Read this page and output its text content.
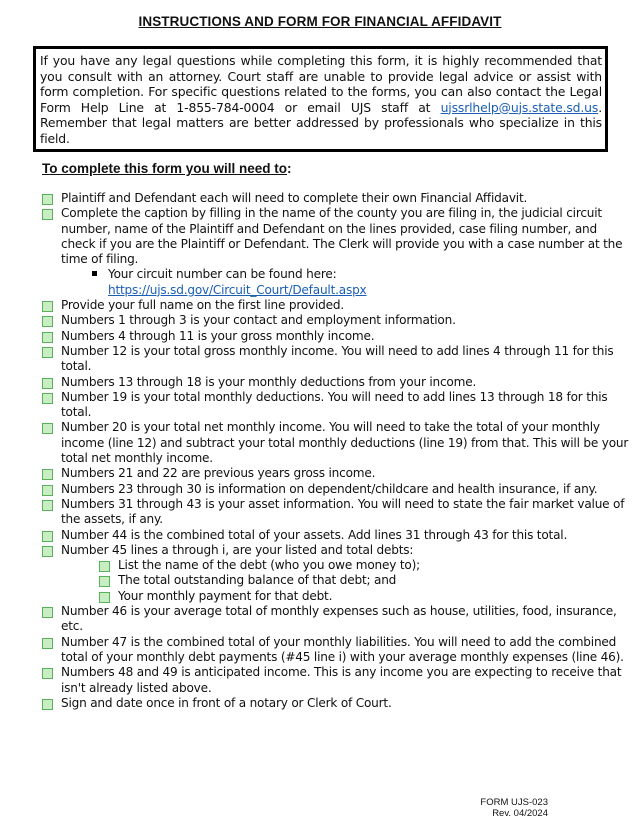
INSTRUCTIONS AND FORM FOR FINANCIAL AFFIDAVIT
If you have any legal questions while completing this form, it is highly recommended that you consult with an attorney. Court staff are unable to provide legal advice or assist with form completion. For specific questions related to the forms, you can also contact the Legal Form Help Line at 1-855-784-0004 or email UJS staff at ujssrlhelp@ujs.state.sd.us. Remember that legal matters are better addressed by professionals who specialize in this field.
To complete this form you will need to:
Plaintiff and Defendant each will need to complete their own Financial Affidavit.
Complete the caption by filling in the name of the county you are filing in, the judicial circuit number, name of the Plaintiff and Defendant on the lines provided, case filing number, and check if you are the Plaintiff or Defendant. The Clerk will provide you with a case number at the time of filing.
Your circuit number can be found here:
https://ujs.sd.gov/Circuit_Court/Default.aspx
Provide your full name on the first line provided.
Numbers 1 through 3 is your contact and employment information.
Numbers 4 through 11 is your gross monthly income.
Number 12 is your total gross monthly income. You will need to add lines 4 through 11 for this total.
Numbers 13 through 18 is your monthly deductions from your income.
Number 19 is your total monthly deductions. You will need to add lines 13 through 18 for this total.
Number 20 is your total net monthly income. You will need to take the total of your monthly income (line 12) and subtract your total monthly deductions (line 19) from that. This will be your total net monthly income.
Numbers 21 and 22 are previous years gross income.
Numbers 23 through 30 is information on dependent/childcare and health insurance, if any.
Numbers 31 through 43 is your asset information. You will need to state the fair market value of the assets, if any.
Number 44 is the combined total of your assets. Add lines 31 through 43 for this total.
Number 45 lines a through i, are your listed and total debts:
List the name of the debt (who you owe money to);
The total outstanding balance of that debt; and
Your monthly payment for that debt.
Number 46 is your average total of monthly expenses such as house, utilities, food, insurance, etc.
Number 47 is the combined total of your monthly liabilities. You will need to add the combined total of your monthly debt payments (#45 line i) with your average monthly expenses (line 46).
Numbers 48 and 49 is anticipated income. This is any income you are expecting to receive that isn't already listed above.
Sign and date once in front of a notary or Clerk of Court.
FORM UJS-023
Rev. 04/2024
